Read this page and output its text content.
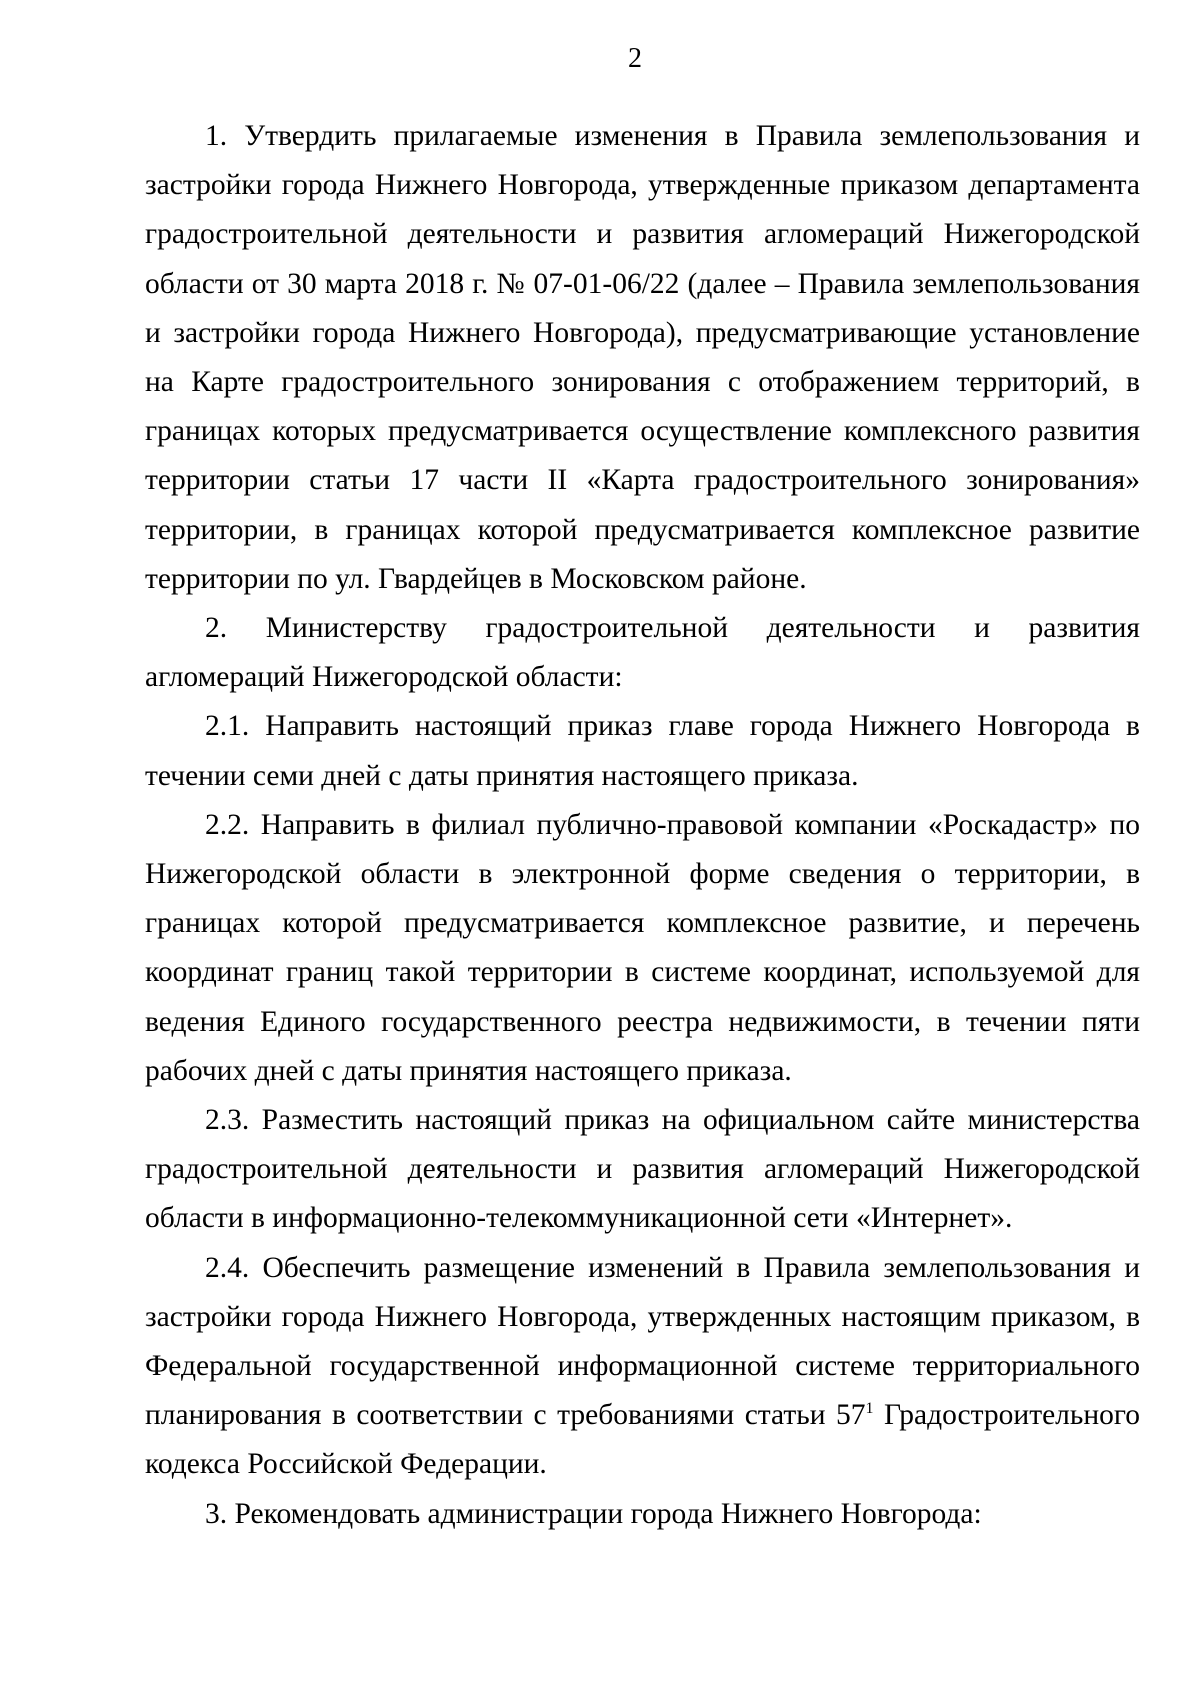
2

1. Утвердить прилагаемые изменения в Правила землепользования и застройки города Нижнего Новгорода, утвержденные приказом департамента градостроительной деятельности и развития агломераций Нижегородской области от 30 марта 2018 г. № 07-01-06/22 (далее – Правила землепользования и застройки города Нижнего Новгорода), предусматривающие установление на Карте градостроительного зонирования с отображением территорий, в границах которых предусматривается осуществление комплексного развития территории статьи 17 части II «Карта градостроительного зонирования» территории, в границах которой предусматривается комплексное развитие территории по ул. Гвардейцев в Московском районе.

2. Министерству градостроительной деятельности и развития агломераций Нижегородской области:

2.1. Направить настоящий приказ главе города Нижнего Новгорода в течении семи дней с даты принятия настоящего приказа.

2.2. Направить в филиал публично-правовой компании «Роскадастр» по Нижегородской области в электронной форме сведения о территории, в границах которой предусматривается комплексное развитие, и перечень координат границ такой территории в системе координат, используемой для ведения Единого государственного реестра недвижимости, в течении пяти рабочих дней с даты принятия настоящего приказа.

2.3. Разместить настоящий приказ на официальном сайте министерства градостроительной деятельности и развития агломераций Нижегородской области в информационно-телекоммуникационной сети «Интернет».

2.4. Обеспечить размещение изменений в Правила землепользования и застройки города Нижнего Новгорода, утвержденных настоящим приказом, в Федеральной государственной информационной системе территориального планирования в соответствии с требованиями статьи $57^1$ Градостроительного кодекса Российской Федерации.

3. Рекомендовать администрации города Нижнего Новгорода:
